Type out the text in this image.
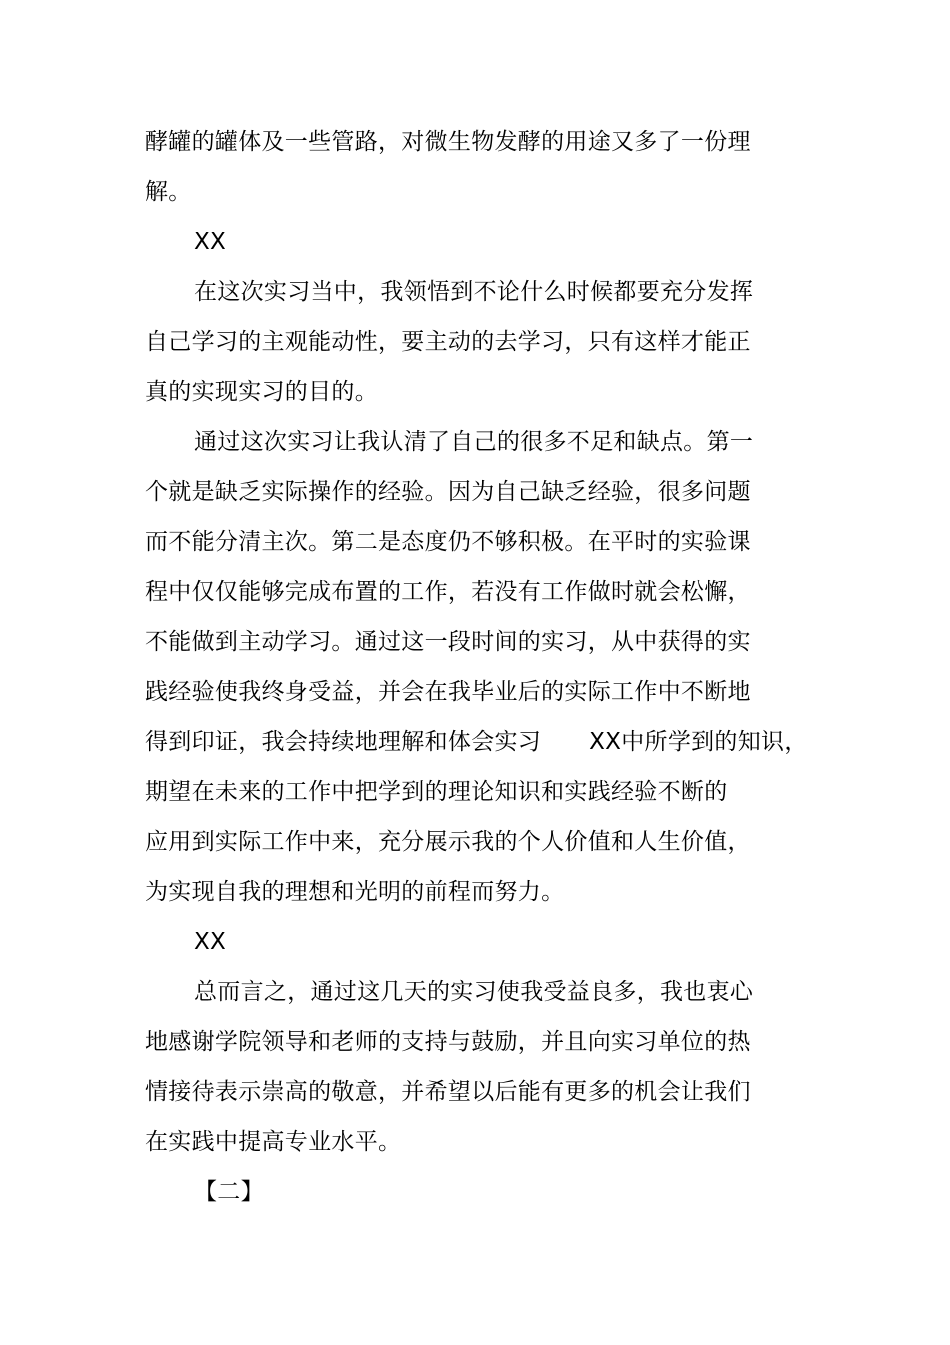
酵罐的罐体及一些管路，对微生物发酵的用途又多了一份理
解。
XX
在这次实习当中，我领悟到不论什么时候都要充分发挥
自己学习的主观能动性，要主动的去学习，只有这样才能正
真的实现实习的目的。
通过这次实习让我认清了自己的很多不足和缺点。第一
个就是缺乏实际操作的经验。因为自己缺乏经验，很多问题
而不能分清主次。第二是态度仍不够积极。在平时的实验课
程中仅仅能够完成布置的工作，若没有工作做时就会松懈，
不能做到主动学习。通过这一段时间的实习，从中获得的实
践经验使我终身受益，并会在我毕业后的实际工作中不断地
得到印证，我会持续地理解和体会实习 XX中所学到的知识，
期望在未来的工作中把学到的理论知识和实践经验不断的
应用到实际工作中来，充分展示我的个人价值和人生价值，
为实现自我的理想和光明的前程而努力。
XX
总而言之，通过这几天的实习使我受益良多，我也衷心
地感谢学院领导和老师的支持与鼓励，并且向实习单位的热
情接待表示崇高的敬意，并希望以后能有更多的机会让我们
在实践中提高专业水平。
【二】
